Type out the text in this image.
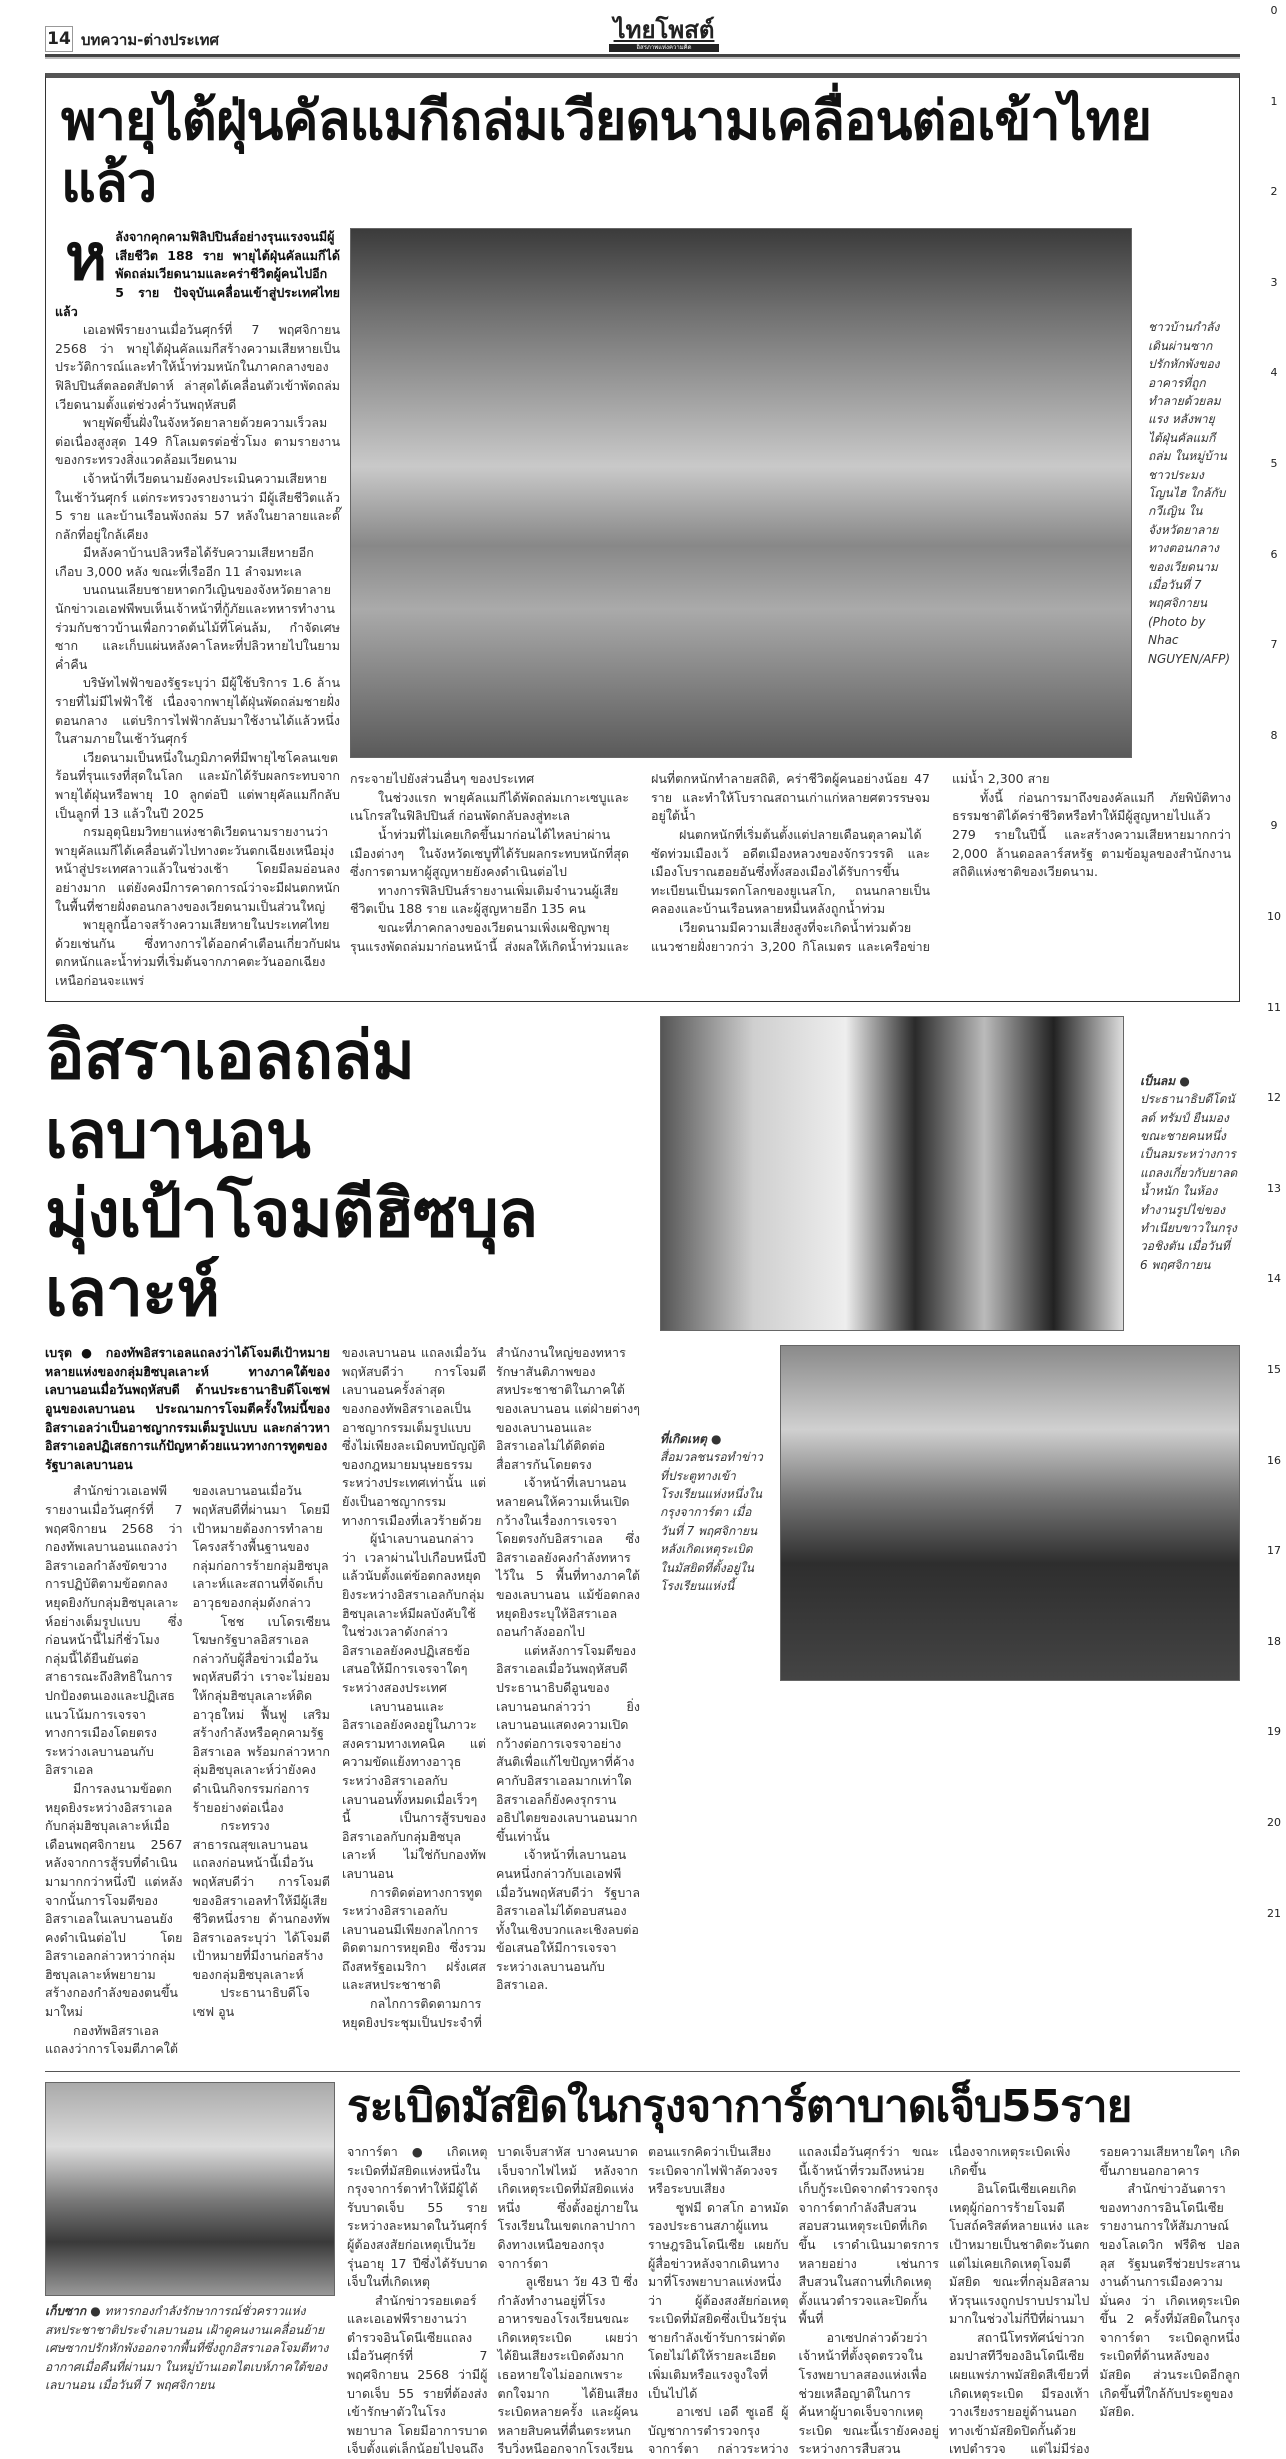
14 บทความ-ต่างประเทศ	ไทยโพสต์
อิสรภาพแห่งความคิด
พายุไต้ฝุ่นคัลแมกีถล่มเวียดนามเคลื่อนต่อเข้าไทยแล้ว
ห ลังจากคุกคามฟิลิปปินส์อย่างรุนแรงจนมีผู้เสียชีวิต 188 ราย พายุไต้ฝุ่นคัลแมกีได้พัดถล่มเวียดนามและคร่าชีวิตผู้คนไปอีก 5 ราย ปัจจุบันเคลื่อนเข้าสู่ประเทศไทยแล้ว

เอเอฟพีรายงานเมื่อวันศุกร์ที่ 7 พฤศจิกายน 2568 ว่า พายุไต้ฝุ่นคัลแมกีสร้างความเสียหายเป็นประวัติการณ์และทำให้น้ำท่วมหนักในภาคกลางของฟิลิปปินส์ตลอดสัปดาห์ ล่าสุดได้เคลื่อนตัวเข้าพัดถล่มเวียดนามตั้งแต่ช่วงค่ำวันพฤหัสบดี

พายุพัดขึ้นฝั่งในจังหวัดยาลายด้วยความเร็วลมต่อเนื่องสูงสุด 149 กิโลเมตรต่อชั่วโมง ตามรายงานของกระทรวงสิ่งแวดล้อมเวียดนาม

เจ้าหน้าที่เวียดนามยังคงประเมินความเสียหายในเช้าวันศุกร์ แต่กระทรวงรายงานว่า มีผู้เสียชีวิตแล้ว 5 ราย และบ้านเรือนพังถล่ม 57 หลังในยาลายและดั๊กลักที่อยู่ใกล้เคียง

มีหลังคาบ้านปลิวหรือได้รับความเสียหายอีกเกือบ 3,000 หลัง ขณะที่เรืออีก 11 ลำจมทะเล

บนถนนเลียบชายหาดกวีเญินของจังหวัดยาลาย นักข่าวเอเอฟพีพบเห็นเจ้าหน้าที่กู้ภัยและทหารทำงานร่วมกับชาวบ้านเพื่อกวาดต้นไม้ที่โค่นล้ม, กำจัดเศษซาก และเก็บแผ่นหลังคาโลหะที่ปลิวหายไปในยามค่ำคืน

บริษัทไฟฟ้าของรัฐระบุว่า มีผู้ใช้บริการ 1.6 ล้านรายที่ไม่มีไฟฟ้าใช้ เนื่องจากพายุไต้ฝุ่นพัดถล่มชายฝั่งตอนกลาง แต่บริการไฟฟ้ากลับมาใช้งานได้แล้วหนึ่งในสามภายในเช้าวันศุกร์

เวียดนามเป็นหนึ่งในภูมิภาคที่มีพายุไซโคลนเขตร้อนที่รุนแรงที่สุดในโลก และมักได้รับผลกระทบจากพายุไต้ฝุ่นหรือพายุ 10 ลูกต่อปี แต่พายุคัลแมกีกลับเป็นลูกที่ 13 แล้วในปี 2025

กรมอุตุนิยมวิทยาแห่งชาติเวียดนามรายงานว่า พายุคัลแมกีได้เคลื่อนตัวไปทางตะวันตกเฉียงเหนือมุ่งหน้าสู่ประเทศลาวแล้วในช่วงเช้า โดยมีลมอ่อนลงอย่างมาก แต่ยังคงมีการคาดการณ์ว่าจะมีฝนตกหนักในพื้นที่ชายฝั่งตอนกลางของเวียดนามเป็นส่วนใหญ่

พายุลูกนี้อาจสร้างความเสียหายในประเทศไทยด้วยเช่นกัน ซึ่งทางการได้ออกคำเตือนเกี่ยวกับฝนตกหนักและน้ำท่วมที่เริ่มต้นจากภาคตะวันออกเฉียงเหนือก่อนจะแพร่

ชาวบ้านกำลังเดินผ่านซากปรักหักพังของอาคารที่ถูกทำลายด้วยลมแรง หลังพายุไต้ฝุ่นคัลแมกีถล่ม ในหมู่บ้านชาวประมงโญนไฮ ใกล้กับกวีเญิน ในจังหวัดยาลาย ทางตอนกลางของเวียดนาม เมื่อวันที่ 7 พฤศจิกายน (Photo by Nhac NGUYEN/AFP)

กระจายไปยังส่วนอื่นๆ ของประเทศ

ในช่วงแรก พายุคัลแมกีได้พัดถล่มเกาะเซบูและเนโกรสในฟิลิปปินส์ ก่อนพัดกลับลงสู่ทะเล

น้ำท่วมที่ไม่เคยเกิดขึ้นมาก่อนได้ไหลบ่าผ่านเมืองต่างๆ ในจังหวัดเซบูที่ได้รับผลกระทบหนักที่สุด ซึ่งการตามหาผู้สูญหายยังคงดำเนินต่อไป

ทางการฟิลิปปินส์รายงานเพิ่มเติมจำนวนผู้เสียชีวิตเป็น 188 ราย และผู้สูญหายอีก 135 คน

ขณะที่ภาคกลางของเวียดนามเพิ่งเผชิญพายุรุนแรงพัดถล่มมาก่อนหน้านี้ ส่งผลให้เกิดน้ำท่วมและฝนที่ตกหนักทำลายสถิติ, คร่าชีวิตผู้คนอย่างน้อย 47 ราย และทำให้โบราณสถานเก่าแก่หลายศตวรรษจมอยู่ใต้น้ำ

ฝนตกหนักที่เริ่มต้นตั้งแต่ปลายเดือนตุลาคมได้ซัดท่วมเมืองเว้ อดีตเมืองหลวงของจักรวรรดิ และเมืองโบราณฮอยอันซึ่งทั้งสองเมืองได้รับการขึ้นทะเบียนเป็นมรดกโลกของยูเนสโก, ถนนกลายเป็นคลองและบ้านเรือนหลายหมื่นหลังถูกน้ำท่วม

เวียดนามมีความเสี่ยงสูงที่จะเกิดน้ำท่วมด้วยแนวชายฝั่งยาวกว่า 3,200 กิโลเมตร และเครือข่ายแม่น้ำ 2,300 สาย

ทั้งนี้ ก่อนการมาถึงของคัลแมกี ภัยพิบัติทางธรรมชาติได้คร่าชีวิตหรือทำให้มีผู้สูญหายไปแล้ว 279 รายในปีนี้ และสร้างความเสียหายมากกว่า 2,000 ล้านดอลลาร์สหรัฐ ตามข้อมูลของสำนักงานสถิติแห่งชาติของเวียดนาม.

อิสราเอลถล่มเลบานอน
มุ่งเป้าโจมตีฮิซบุลเลาะห์
เบรุต ● กองทัพอิสราเอลแถลงว่าได้โจมตีเป้าหมายหลายแห่งของกลุ่มฮิซบุลเลาะห์ ทางภาคใต้ของเลบานอนเมื่อวันพฤหัสบดี ด้านประธานาธิบดีโจเซฟ อูนของเลบานอน ประณามการโจมตีครั้งใหม่นี้ของอิสราเอลว่าเป็นอาชญากรรมเต็มรูปแบบ และกล่าวหาอิสราเอลปฏิเสธการแก้ปัญหาด้วยแนวทางการทูตของรัฐบาลเลบานอน

สำนักข่าวเอเอฟพีรายงานเมื่อวันศุกร์ที่ 7 พฤศจิกายน 2568 ว่า กองทัพเลบานอนแถลงว่าอิสราเอลกำลังขัดขวางการปฏิบัติตามข้อตกลงหยุดยิงกับกลุ่มฮิซบุลเลาะห์อย่างเต็มรูปแบบ ซึ่งก่อนหน้านี้ไม่กี่ชั่วโมงกลุ่มนี้ได้ยืนยันต่อสาธารณะถึงสิทธิในการปกป้องตนเองและปฏิเสธแนวโน้มการเจรจาทางการเมืองโดยตรงระหว่างเลบานอนกับอิสราเอล

มีการลงนามข้อตกหยุดยิงระหว่างอิสราเอลกับกลุ่มฮิซบุลเลาะห์เมื่อเดือนพฤศจิกายน 2567 หลังจากการสู้รบที่ดำเนินมามากกว่าหนึ่งปี แต่หลังจากนั้นการโจมตีของอิสราเอลในเลบานอนยังคงดำเนินต่อไป โดยอิสราเอลกล่าวหาว่ากลุ่มฮิซบุลเลาะห์พยายามสร้างกองกำลังของตนขึ้นมาใหม่

กองทัพอิสราเอลแถลงว่าการโจมตีภาคใต้ของเลบานอนเมื่อวันพฤหัสบดีที่ผ่านมา โดยมีเป้าหมายต้องการทำลายโครงสร้างพื้นฐานของกลุ่มก่อการร้ายกลุ่มฮิซบุลเลาะห์และสถานที่จัดเก็บอาวุธของกลุ่มดังกล่าว

โชช เบโดรเซียน โฆษกรัฐบาลอิสราเอลกล่าวกับผู้สื่อข่าวเมื่อวันพฤหัสบดีว่า เราจะไม่ยอมให้กลุ่มฮิซบุลเลาะห์ติดอาวุธใหม่ ฟื้นฟู เสริมสร้างกำลังหรือคุกคามรัฐอิสราเอล พร้อมกล่าวหากลุ่มฮิซบุลเลาะห์ว่ายังคงดำเนินกิจกรรมก่อการร้ายอย่างต่อเนื่อง

กระทรวงสาธารณสุขเลบานอนแถลงก่อนหน้านี้เมื่อวันพฤหัสบดีว่า การโจมตีของอิสราเอลทำให้มีผู้เสียชีวิตหนึ่งราย ด้านกองทัพอิสราเอลระบุว่า ได้โจมตีเป้าหมายที่มีงานก่อสร้างของกลุ่มฮิซบุลเลาะห์

ประธานาธิบดีโจเซฟ อูน

ของเลบานอน แถลงเมื่อวันพฤหัสบดีว่า การโจมตีเลบานอนครั้งล่าสุดของกองทัพอิสราเอลเป็นอาชญากรรมเต็มรูปแบบ ซึ่งไม่เพียงละเมิดบทบัญญัติของกฎหมายมนุษยธรรมระหว่างประเทศเท่านั้น แต่ยังเป็นอาชญากรรมทางการเมืองที่เลวร้ายด้วย

ผู้นำเลบานอนกล่าวว่า เวลาผ่านไปเกือบหนึ่งปีแล้วนับตั้งแต่ข้อตกลงหยุดยิงระหว่างอิสราเอลกับกลุ่มฮิซบุลเลาะห์มีผลบังคับใช้ ในช่วงเวลาดังกล่าวอิสราเอลยังคงปฏิเสธข้อเสนอให้มีการเจรจาใดๆ ระหว่างสองประเทศ

เลบานอนและอิสราเอลยังคงอยู่ในภาวะสงครามทางเทคนิค แต่ความขัดแย้งทางอาวุธระหว่างอิสราเอลกับเลบานอนทั้งหมดเมื่อเร็วๆ นี้ เป็นการสู้รบของอิสราเอลกับกลุ่มฮิซบุลเลาะห์ ไม่ใช่กับกองทัพเลบานอน

การติดต่อทางการทูตระหว่างอิสราเอลกับเลบานอนมีเพียงกลไกการติดตามการหยุดยิง ซึ่งรวมถึงสหรัฐอเมริกา ฝรั่งเศสและสหประชาชาติ

กลไกการติดตามการหยุดยิงประชุมเป็นประจำที่สำนักงานใหญ่ของทหารรักษาสันติภาพของสหประชาชาติในภาคใต้ของเลบานอน แต่ฝ่ายต่างๆ ของเลบานอนและอิสราเอลไม่ได้ติดต่อสื่อสารกันโดยตรง

เจ้าหน้าที่เลบานอนหลายคนให้ความเห็นเปิดกว้างในเรื่องการเจรจาโดยตรงกับอิสราเอล ซึ่งอิสราเอลยังคงกำลังทหารไว้ใน 5 พื้นที่ทางภาคใต้ของเลบานอน แม้ข้อตกลงหยุดยิงระบุให้อิสราเอลถอนกำลังออกไป

แต่หลังการโจมตีของอิสราเอลเมื่อวันพฤหัสบดี ประธานาธิบดีอูนของเลบานอนกล่าวว่า ยิ่งเลบานอนแสดงความเปิดกว้างต่อการเจรจาอย่างสันติเพื่อแก้ไขปัญหาที่ค้างคากับอิสราเอลมากเท่าใด อิสราเอลก็ยังคงรุกรานอธิปไตยของเลบานอนมากขึ้นเท่านั้น

เจ้าหน้าที่เลบานอนคนหนึ่งกล่าวกับเอเอฟพีเมื่อวันพฤหัสบดีว่า รัฐบาลอิสราเอลไม่ได้ตอบสนองทั้งในเชิงบวกและเชิงลบต่อข้อเสนอให้มีการเจรจาระหว่างเลบานอนกับอิสราเอล.

เป็นลม ● ประธานาธิบดีโดนัลด์ ทรัมป์ ยืนมองขณะชายคนหนึ่งเป็นลมระหว่างการแถลงเกี่ยวกับยาลดน้ำหนัก ในห้องทำงานรูปไข่ของทำเนียบขาวในกรุงวอชิงตัน เมื่อวันที่ 6 พฤศจิกายน
ที่เกิดเหตุ ● สื่อมวลชนรอทำข่าวที่ประตูทางเข้าโรงเรียนแห่งหนึ่งในกรุงจาการ์ตา เมื่อวันที่ 7 พฤศจิกายน หลังเกิดเหตุระเบิดในมัสยิดที่ตั้งอยู่ในโรงเรียนแห่งนี้
เก็บซาก ● ทหารกองกำลังรักษาการณ์ชั่วคราวแห่งสหประชาชาติประจำเลบานอน เฝ้าดูคนงานเคลื่อนย้ายเศษซากปรักหักพังออกจากพื้นที่ซึ่งถูกอิสราเอลโจมตีทางอากาศเมื่อคืนที่ผ่านมา ในหมู่บ้านเอตไตเบห์ภาคใต้ของเลบานอน เมื่อวันที่ 7 พฤศจิกายน
ระเบิดมัสยิดในกรุงจาการ์ตาบาดเจ็บ55ราย

จาการ์ตา ● เกิดเหตุระเบิดที่มัสยิดแห่งหนึ่งในกรุงจาการ์ตาทำให้มีผู้ได้รับบาดเจ็บ 55 รายระหว่างละหมาดในวันศุกร์ ผู้ต้องสงสัยก่อเหตุเป็นวัยรุ่นอายุ 17 ปีซึ่งได้รับบาดเจ็บในที่เกิดเหตุ

สำนักข่าวรอยเตอร์และเอเอฟพีรายงานว่า ตำรวจอินโดนีเซียแถลงเมื่อวันศุกร์ที่ 7 พฤศจิกายน 2568 ว่ามีผู้บาดเจ็บ 55 รายที่ต้องส่งเข้ารักษาตัวในโรงพยาบาล โดยมีอาการบาดเจ็บตั้งแต่เล็กน้อยไปจนถึงบาดเจ็บสาหัส บางคนบาดเจ็บจากไฟไหม้ หลังจากเกิดเหตุระเบิดที่มัสยิดแห่งหนึ่ง ซึ่งตั้งอยู่ภายในโรงเรียนในเขตเกลาปากาดิงทางเหนือของกรุงจาการ์ตา

ลูเซียนา วัย 43 ปี ซึ่งกำลังทำงานอยู่ที่โรงอาหารของโรงเรียนขณะเกิดเหตุระเบิด เผยว่าได้ยินเสียงระเบิดดังมาก เธอหายใจไม่ออกเพราะตกใจมาก ได้ยินเสียงระเบิดหลายครั้ง และผู้คนหลายสิบคนที่ตื่นตระหนกรีบวิ่งหนีออกจากโรงเรียน ตอนแรกคิดว่าเป็นเสียงระเบิดจากไฟฟ้าลัดวงจรหรือระบบเสียง

ซูฟมี ดาสโก อาหมัด รองประธานสภาผู้แทนราษฎรอินโดนีเซีย เผยกับผู้สื่อข่าวหลังจากเดินทางมาที่โรงพยาบาลแห่งหนึ่งว่า ผู้ต้องสงสัยก่อเหตุระเบิดที่มัสยิดซึ่งเป็นวัยรุ่นชายกำลังเข้ารับการผ่าตัด โดยไม่ได้ให้รายละเอียดเพิ่มเติมหรือแรงจูงใจที่เป็นไปได้

อาเซป เอดี ซูเอธี ผู้บัญชาการตำรวจกรุงจาการ์ตา กล่าวระหว่างแถลงเมื่อวันศุกร์ว่า ขณะนี้เจ้าหน้าที่รวมถึงหน่วยเก็บกู้ระเบิดจากตำรวจกรุงจาการ์ตากำลังสืบสวนสอบสวนเหตุระเบิดที่เกิดขึ้น เราดำเนินมาตรการหลายอย่าง เช่นการสืบสวนในสถานที่เกิดเหตุ ตั้งแนวตำรวจและปิดกั้นพื้นที่

อาเซปกล่าวด้วยว่า เจ้าหน้าที่ตั้งจุดตรวจในโรงพยาบาลสองแห่งเพื่อช่วยเหลือญาติในการค้นหาผู้บาดเจ็บจากเหตุระเบิด ขณะนี้เรายังคงอยู่ระหว่างการสืบสวนเนื่องจากเหตุระเบิดเพิ่งเกิดขึ้น

อินโดนีเซียเคยเกิดเหตุผู้ก่อการร้ายโจมตีโบสถ์คริสต์หลายแห่ง และเป้าหมายเป็นชาติตะวันตก แต่ไม่เคยเกิดเหตุโจมตีมัสยิด ขณะที่กลุ่มอิสลามหัวรุนแรงถูกปราบปรามไปมากในช่วงไม่กี่ปีที่ผ่านมา

สถานีโทรทัศน์ข่าวกอมปาสทีวีของอินโดนีเซีย เผยแพร่ภาพมัสยิดสีเขียวที่เกิดเหตุระเบิด มีรองเท้าวางเรียงรายอยู่ด้านนอกทางเข้ามัสยิดปิดกั้นด้วยเทปตำรวจ แต่ไม่มีร่องรอยความเสียหายใดๆ เกิดขึ้นภายนอกอาคาร

สำนักข่าวอันตาราของทางการอินโดนีเซียรายงานการให้สัมภาษณ์ของโลเดวิก ฟรีดิช ปอลลุส รัฐมนตรีช่วยประสานงานด้านการเมืองความมั่นคง ว่า เกิดเหตุระเบิดขึ้น 2 ครั้งที่มัสยิดในกรุงจาการ์ตา ระเบิดลูกหนึ่งระเบิดที่ด้านหลังของมัสยิด ส่วนระเบิดอีกลูกเกิดขึ้นที่ใกล้กับประตูของมัสยิด.

0
1
2
3
4
5
6
7
8
9
10
11
12
13
14
15
16
17
18
19
20
21
